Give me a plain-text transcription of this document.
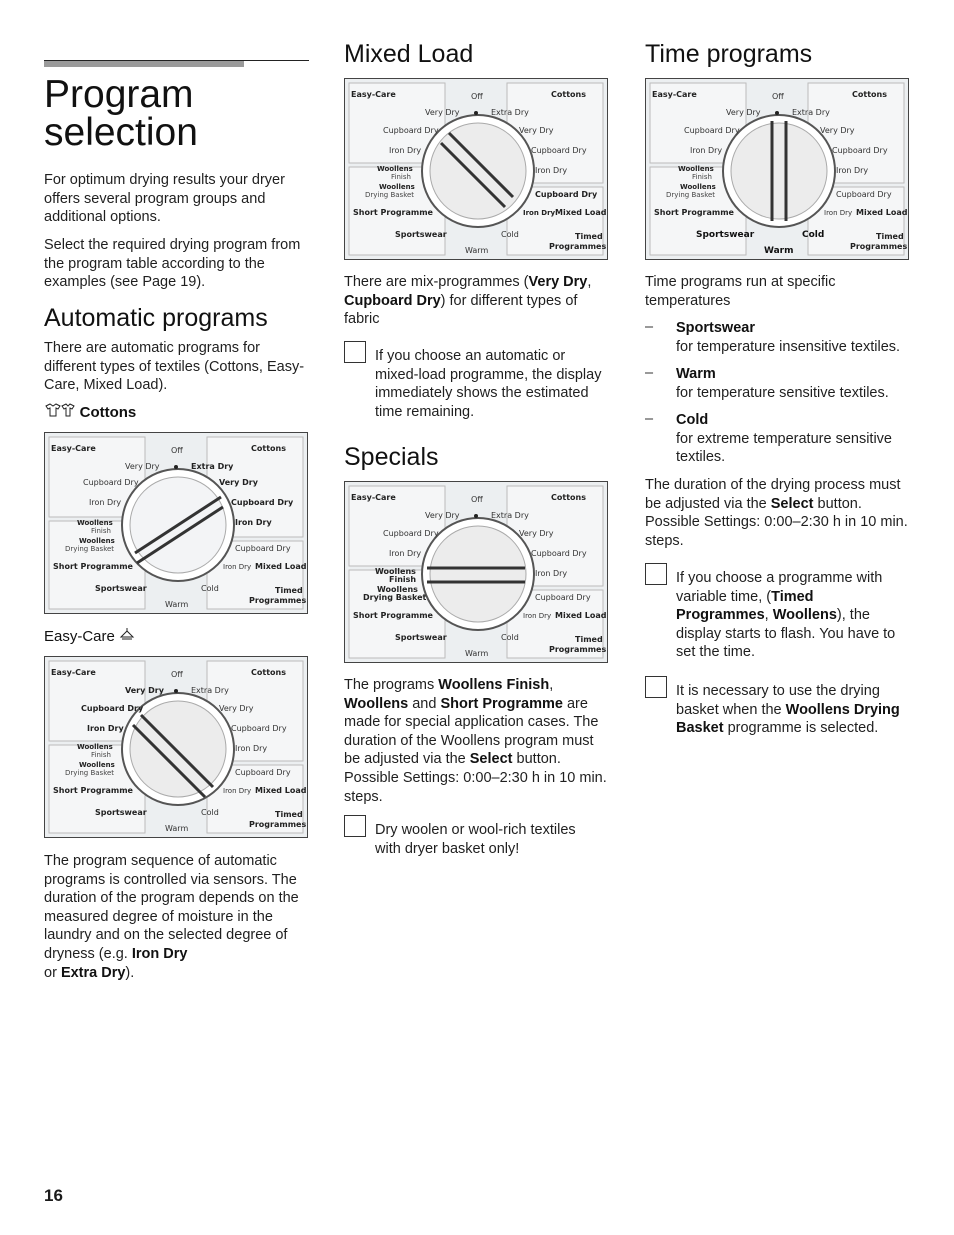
Program
selection

For optimum drying results your dryer offers several program groups and additional options.

Select the required drying program from the program table according to the examples (see Page 19).

Automatic programs

There are automatic programs for different types of textiles (Cottons, Easy-Care, Mixed Load).

Cottons
Easy-Care	Cottons
Off
Very Dry	Extra Dry
Cupboard Dry	Very Dry
Iron Dry	Cupboard Dry
Iron Dry
Woollens
Finish
Woollens
Drying Basket
Short Programme
Cupboard Dry
Iron Dry Mixed Load
Sportswear	Cold	Timed
Programmes
Warm
Easy-Care
Easy-Care	Cottons
Off
Very Dry	Extra Dry
Cupboard Dry	Very Dry
Iron Dry	Cupboard Dry
Iron Dry
Woollens
Finish
Woollens
Drying Basket
Short Programme
Cupboard Dry
Iron Dry Mixed Load
Sportswear	Cold	Timed
Programmes
Warm

The program sequence of automatic programs is controlled via sensors. The duration of the program depends on the measured degree of moisture in the laundry and on the selected degree of dryness (e.g. Iron Dry
or Extra Dry).

Mixed Load
Easy-Care	Cottons
Off
Very Dry	Extra Dry
Cupboard Dry	Very Dry
Iron Dry	Cupboard Dry
Iron Dry
Woollens
Finish
Woollens
Drying Basket
Short Programme
Cupboard Dry
Iron Dry Mixed Load
Sportswear	Cold	Timed
Programmes
Warm

There are mix-programmes (Very Dry, Cupboard Dry) for different types of fabric

If you choose an automatic or mixed-load programme, the display immediately shows the estimated time remaining.

Specials
Easy-Care	Cottons
Off
Very Dry	Extra Dry
Cupboard Dry	Very Dry
Iron Dry	Cupboard Dry
Iron Dry
Woollens
Finish
Woollens
Drying Basket
Short Programme
Cupboard Dry
Iron Dry Mixed Load
Sportswear	Cold	Timed
Programmes
Warm

The programs Woollens Finish,
Woollens and Short Programme are made for special application cases. The duration of the Woollens program must be adjusted via the Select button. Possible Settings: 0:00–2:30 h in 10 min. steps.

Dry woolen or wool-rich textiles with dryer basket only!

Time programs
Easy-Care	Cottons
Off
Very Dry	Extra Dry
Cupboard Dry	Very Dry
Iron Dry	Cupboard Dry
Iron Dry
Woollens
Finish
Woollens
Drying Basket
Short Programme
Cupboard Dry
Iron Dry Mixed Load
Sportswear	Cold	Timed
Programmes
Warm

Time programs run at specific temperatures

– Sportswear
for temperature insensitive textiles.

– Warm
for temperature sensitive textiles.

– Cold
for extreme temperature sensitive textiles.

The duration of the drying process must be adjusted via the Select button. Possible Settings: 0:00–2:30 h in 10 min. steps.

If you choose a programme with variable time, (Timed Programmes, Woollens), the display starts to flash. You have to set the time.

It is necessary to use the drying basket when the Woollens Drying Basket programme is selected.

16
